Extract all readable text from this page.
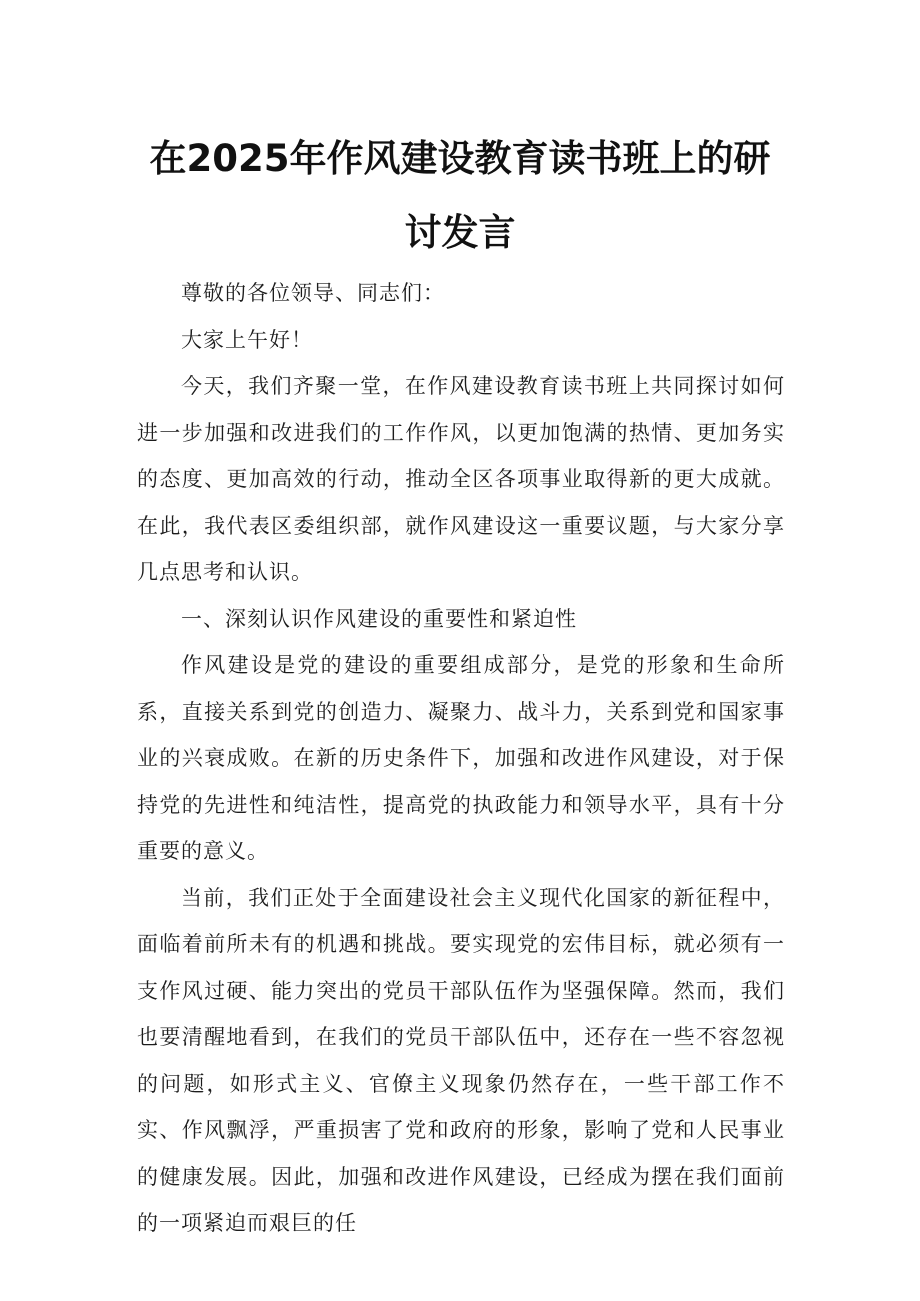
在2025年作风建设教育读书班上的研
讨发言

尊敬的各位领导、同志们：

大家上午好！

今天，我们齐聚一堂，在作风建设教育读书班上共同探讨如何进一步加强和改进我们的工作作风，以更加饱满的热情、更加务实的态度、更加高效的行动，推动全区各项事业取得新的更大成就。在此，我代表区委组织部，就作风建设这一重要议题，与大家分享几点思考和认识。

一、深刻认识作风建设的重要性和紧迫性

作风建设是党的建设的重要组成部分，是党的形象和生命所系，直接关系到党的创造力、凝聚力、战斗力，关系到党和国家事业的兴衰成败。在新的历史条件下，加强和改进作风建设，对于保持党的先进性和纯洁性，提高党的执政能力和领导水平，具有十分重要的意义。

当前，我们正处于全面建设社会主义现代化国家的新征程中，面临着前所未有的机遇和挑战。要实现党的宏伟目标，就必须有一支作风过硬、能力突出的党员干部队伍作为坚强保障。然而，我们也要清醒地看到，在我们的党员干部队伍中，还存在一些不容忽视的问题，如形式主义、官僚主义现象仍然存在，一些干部工作不实、作风飘浮，严重损害了党和政府的形象，影响了党和人民事业的健康发展。因此，加强和改进作风建设，已经成为摆在我们面前的一项紧迫而艰巨的任
